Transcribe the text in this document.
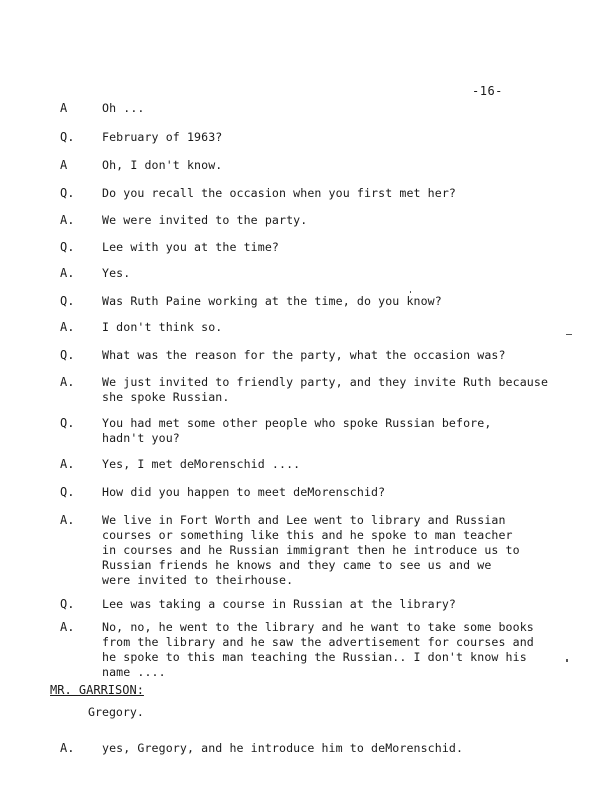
-16-
A	Oh ...
Q. February of 1963?
A	Oh, I don't know.
Q. Do you recall the occasion when you first met her?
A. We were invited to the party.
Q. Lee with you at the time?
A. Yes.
Q. Was Ruth Paine working at the time, do you know?
A. I don't think so.
Q. What was the reason for the party, what the occasion was?
A. We just invited to friendly party, and they invite Ruth because
she spoke Russian.
Q. You had met some other people who spoke Russian before,
hadn't you?
A. Yes, I met deMorenschid ....
Q. How did you happen to meet deMorenschid?
A. We live in Fort Worth and Lee went to library and Russian
courses or something like this and he spoke to man teacher
in courses and he Russian immigrant then he introduce us to
Russian friends he knows and they came to see us and we
were invited to theirhouse.
Q. Lee was taking a course in Russian at the library?
A. No, no, he went to the library and he want to take some books
from the library and he saw the advertisement for courses and
he spoke to this man teaching the Russian.. I don't know his
name ....
MR. GARRISON:
Gregory.
A. yes, Gregory, and he introduce him to deMorenschid.
